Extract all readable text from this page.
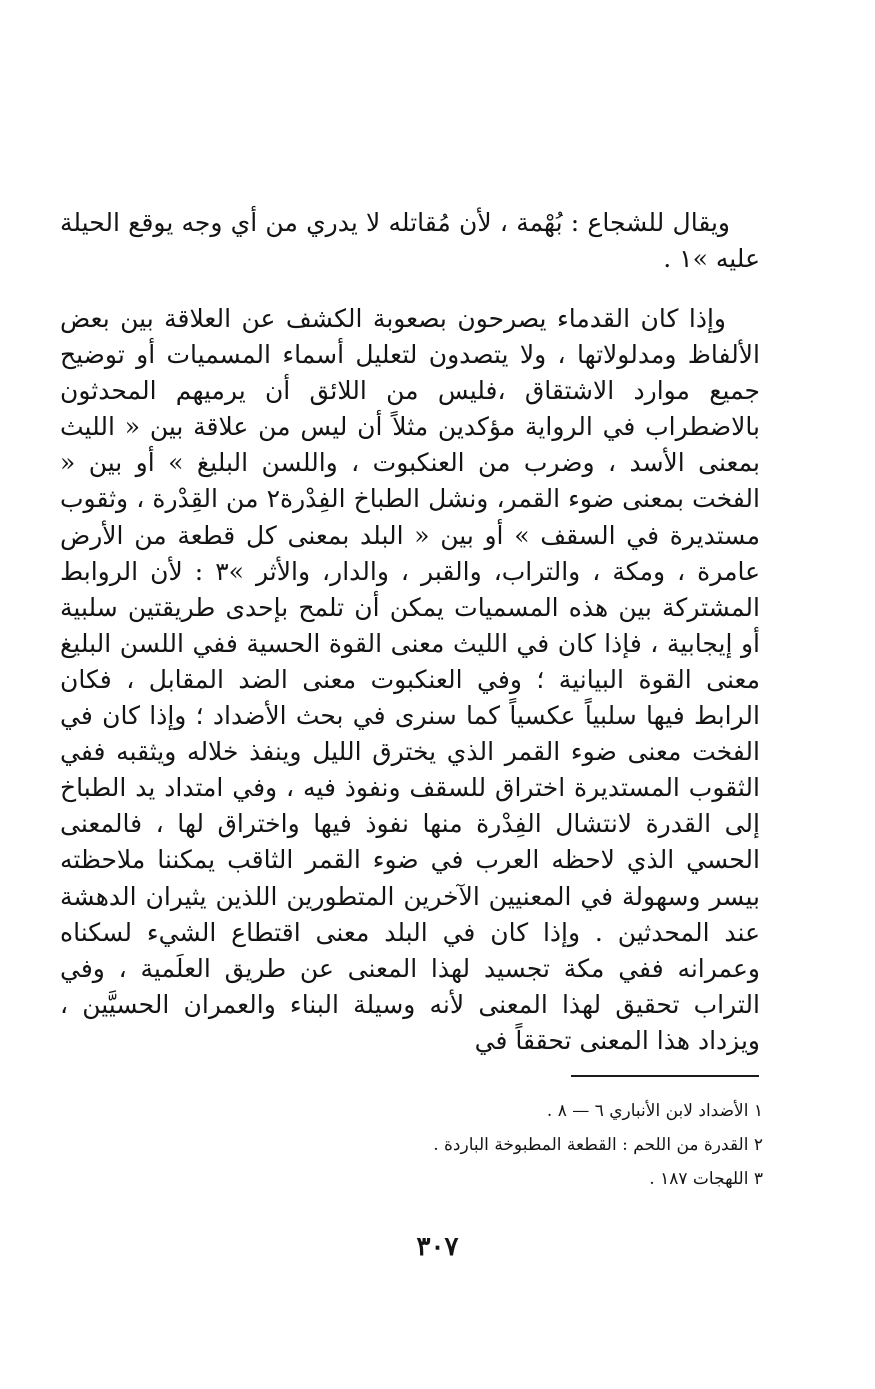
ويقال للشجاع : بُهْمة ، لأن مُقاتله لا يدري من أي وجه يوقع الحيلة عليه »١ .

وإذا كان القدماء يصرحون بصعوبة الكشف عن العلاقة بين بعض الألفاظ ومدلولاتها ، ولا يتصدون لتعليل أسماء المسميات أو توضيح جميع موارد الاشتقاق ،فليس من اللائق أن يرميهم المحدثون بالاضطراب في الرواية مؤكدين مثلاً أن ليس من علاقة بين « الليث بمعنى الأسد ، وضرب من العنكبوت ، واللسن البليغ » أو بين « الفخت بمعنى ضوء القمر، ونشل الطباخ الفِدْرة٢ من القِدْرة ، وثقوب مستديرة في السقف » أو بين « البلد بمعنى كل قطعة من الأرض عامرة ، ومكة ، والتراب، والقبر ، والدار، والأثر »٣ : لأن الروابط المشتركة بين هذه المسميات يمكن أن تلمح بإحدى طريقتين سلبية أو إيجابية ، فإذا كان في الليث معنى القوة الحسية ففي اللسن البليغ معنى القوة البيانية ؛ وفي العنكبوت معنى الضد المقابل ، فكان الرابط فيها سلبياً عكسياً كما سنرى في بحث الأضداد ؛ وإذا كان في الفخت معنى ضوء القمر الذي يخترق الليل وينفذ خلاله ويثقبه ففي الثقوب المستديرة اختراق للسقف ونفوذ فيه ، وفي امتداد يد الطباخ إلى القدرة لانتشال الفِدْرة منها نفوذ فيها واختراق لها ، فالمعنى الحسي الذي لاحظه العرب في ضوء القمر الثاقب يمكننا ملاحظته بيسر وسهولة في المعنيين الآخرين المتطورين اللذين يثيران الدهشة عند المحدثين . وإذا كان في البلد معنى اقتطاع الشيء لسكناه وعمرانه ففي مكة تجسيد لهذا المعنى عن طريق العلَمية ، وفي التراب تحقيق لهذا المعنى لأنه وسيلة البناء والعمران الحسيَّين ، ويزداد هذا المعنى تحققاً في

١ الأضداد لابن الأنباري ٦ — ٨ .
٢ القدرة من اللحم : القطعة المطبوخة الباردة .
٣ اللهجات ١٨٧ .
٣٠٧
